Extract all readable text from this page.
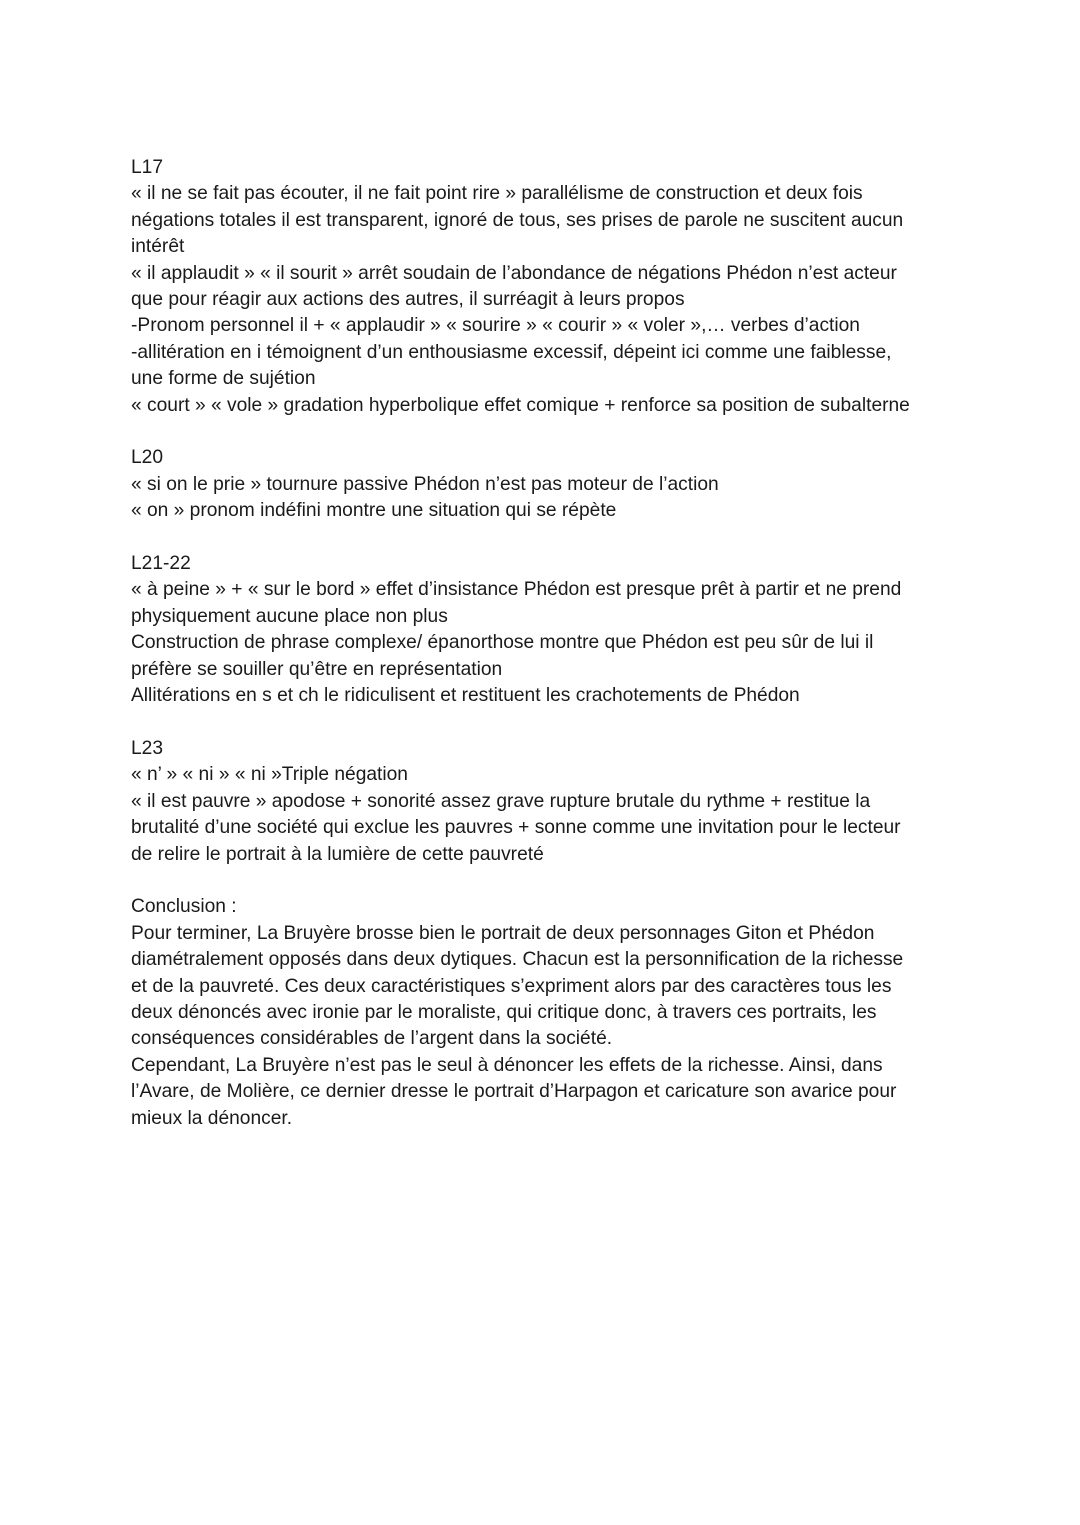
L17
« il ne se fait pas écouter, il ne fait point rire » parallélisme de construction et deux fois
négations totales il est transparent, ignoré de tous, ses prises de parole ne suscitent aucun
intérêt
« il applaudit » « il sourit » arrêt soudain de l’abondance de négations Phédon n’est acteur
que pour réagir aux actions des autres, il surréagit à leurs propos
-Pronom personnel il + « applaudir » « sourire » « courir » « voler »,… verbes d’action
-allitération en i témoignent d’un enthousiasme excessif, dépeint ici comme une faiblesse,
une forme de sujétion
« court » « vole » gradation hyperbolique effet comique + renforce sa position de subalterne
L20
« si on le prie » tournure passive Phédon n’est pas moteur de l’action
« on » pronom indéfini montre une situation qui se répète
L21-22
« à peine » + « sur le bord » effet d’insistance Phédon est presque prêt à partir et ne prend
physiquement aucune place non plus
Construction de phrase complexe/ épanorthose montre que Phédon est peu sûr de lui il
préfère se souiller qu’être en représentation
Allitérations en s et ch le ridiculisent et restituent les crachotements de Phédon
L23
« n’ » « ni » « ni »Triple négation
« il est pauvre » apodose + sonorité assez grave rupture brutale du rythme + restitue la
brutalité d’une société qui exclue les pauvres + sonne comme une invitation pour le lecteur
de relire le portrait à la lumière de cette pauvreté
Conclusion :
Pour terminer, La Bruyère brosse bien le portrait de deux personnages Giton et Phédon
diamétralement opposés dans deux dytiques. Chacun est la personnification de la richesse
et de la pauvreté. Ces deux caractéristiques s’expriment alors par des caractères tous les
deux dénoncés avec ironie par le moraliste, qui critique donc, à travers ces portraits, les
conséquences considérables de l’argent dans la société.
Cependant, La Bruyère n’est pas le seul à dénoncer les effets de la richesse. Ainsi, dans
l’Avare, de Molière, ce dernier dresse le portrait d’Harpagon et caricature son avarice pour
mieux la dénoncer.
